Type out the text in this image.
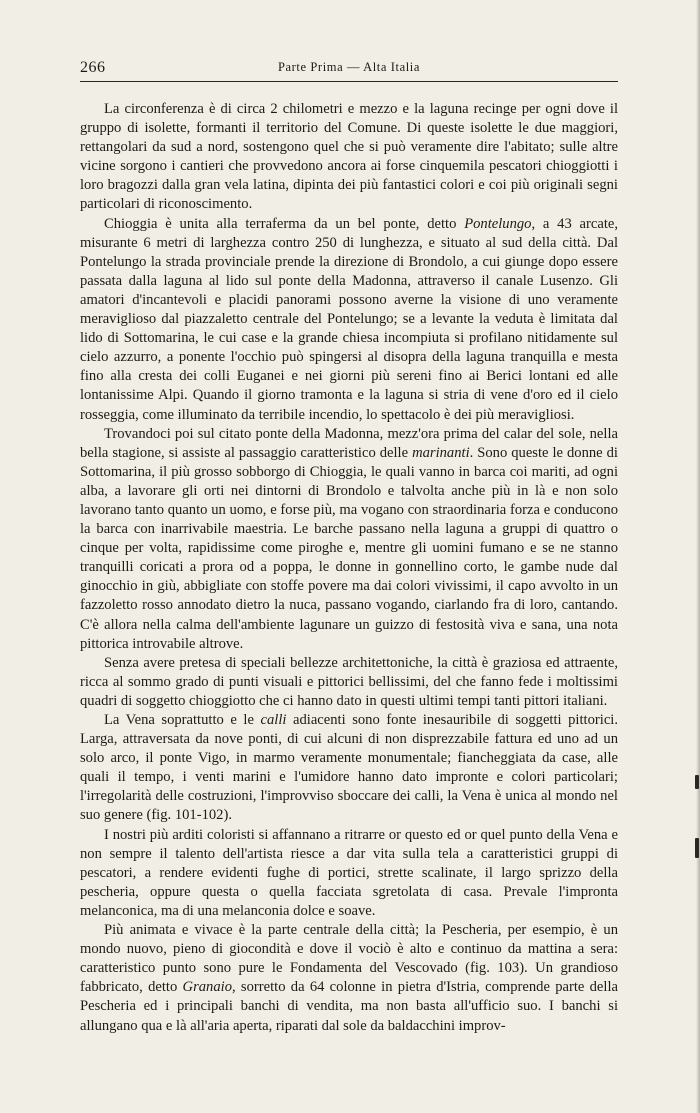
266	Parte Prima — Alta Italia

La circonferenza è di circa 2 chilometri e mezzo e la laguna recinge per ogni dove il gruppo di isolette, formanti il territorio del Comune. Di queste isolette le due maggiori, rettangolari da sud a nord, sostengono quel che si può veramente dire l'abitato; sulle altre vicine sorgono i cantieri che provvedono ancora ai forse cinquemila pescatori chioggiotti i loro bragozzi dalla gran vela latina, dipinta dei più fantastici colori e coi più originali segni particolari di riconoscimento.

Chioggia è unita alla terraferma da un bel ponte, detto Pontelungo, a 43 arcate, misurante 6 metri di larghezza contro 250 di lunghezza, e situato al sud della città. Dal Pontelungo la strada provinciale prende la direzione di Brondolo, a cui giunge dopo essere passata dalla laguna al lido sul ponte della Madonna, attraverso il canale Lusenzo. Gli amatori d'incantevoli e placidi panorami possono averne la visione di uno veramente meraviglioso dal piazzaletto centrale del Pontelungo; se a levante la veduta è limitata dal lido di Sottomarina, le cui case e la grande chiesa incompiuta si profilano nitidamente sul cielo azzurro, a ponente l'occhio può spingersi al disopra della laguna tranquilla e mesta fino alla cresta dei colli Euganei e nei giorni più sereni fino ai Berici lontani ed alle lontanissime Alpi. Quando il giorno tramonta e la laguna si stria di vene d'oro ed il cielo rosseggia, come illuminato da terribile incendio, lo spettacolo è dei più meravigliosi.

Trovandoci poi sul citato ponte della Madonna, mezz'ora prima del calar del sole, nella bella stagione, si assiste al passaggio caratteristico delle marinanti. Sono queste le donne di Sottomarina, il più grosso sobborgo di Chioggia, le quali vanno in barca coi mariti, ad ogni alba, a lavorare gli orti nei dintorni di Brondolo e talvolta anche più in là e non solo lavorano tanto quanto un uomo, e forse più, ma vogano con straordinaria forza e conducono la barca con inarrivabile maestria. Le barche passano nella laguna a gruppi di quattro o cinque per volta, rapidissime come piroghe e, mentre gli uomini fumano e se ne stanno tranquilli coricati a prora od a poppa, le donne in gonnellino corto, le gambe nude dal ginocchio in giù, abbigliate con stoffe povere ma dai colori vivissimi, il capo avvolto in un fazzoletto rosso annodato dietro la nuca, passano vogando, ciarlando fra di loro, cantando. C'è allora nella calma dell'ambiente lagunare un guizzo di festosità viva e sana, una nota pittorica introvabile altrove.

Senza avere pretesa di speciali bellezze architettoniche, la città è graziosa ed attraente, ricca al sommo grado di punti visuali e pittorici bellissimi, del che fanno fede i moltissimi quadri di soggetto chioggiotto che ci hanno dato in questi ultimi tempi tanti pittori italiani.

La Vena soprattutto e le calli adiacenti sono fonte inesauribile di soggetti pittorici. Larga, attraversata da nove ponti, di cui alcuni di non disprezzabile fattura ed uno ad un solo arco, il ponte Vigo, in marmo veramente monumentale; fiancheggiata da case, alle quali il tempo, i venti marini e l'umidore hanno dato impronte e colori particolari; l'irregolarità delle costruzioni, l'improvviso sboccare dei calli, la Vena è unica al mondo nel suo genere (fig. 101-102).

I nostri più arditi coloristi si affannano a ritrarre or questo ed or quel punto della Vena e non sempre il talento dell'artista riesce a dar vita sulla tela a caratteristici gruppi di pescatori, a rendere evidenti fughe di portici, strette scalinate, il largo sprizzo della pescheria, oppure questa o quella facciata sgretolata di casa. Prevale l'impronta melanconica, ma di una melanconia dolce e soave.

Più animata e vivace è la parte centrale della città; la Pescheria, per esempio, è un mondo nuovo, pieno di giocondità e dove il vociò è alto e continuo da mattina a sera: caratteristico punto sono pure le Fondamenta del Vescovado (fig. 103). Un grandioso fabbricato, detto Granaio, sorretto da 64 colonne in pietra d'Istria, comprende parte della Pescheria ed i principali banchi di vendita, ma non basta all'ufficio suo. I banchi si allungano qua e là all'aria aperta, riparati dal sole da baldacchini improv-
